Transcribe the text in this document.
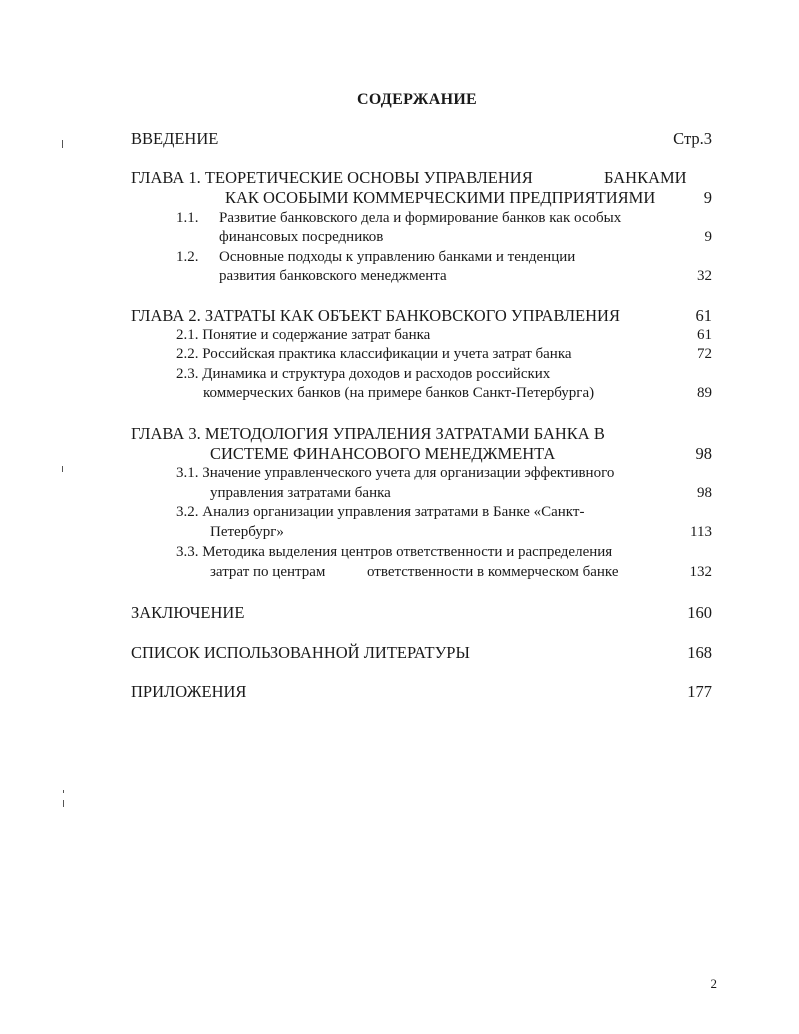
СОДЕРЖАНИЕ
ВВЕДЕНИЕ	Стр.3
ГЛАВА 1. ТЕОРЕТИЧЕСКИЕ ОСНОВЫ УПРАВЛЕНИЯ	БАНКАМИ
КАК ОСОБЫМИ КОММЕРЧЕСКИМИ ПРЕДПРИЯТИЯМИ	9
1.1. Развитие банковского дела и формирование банков как особых
финансовых посредников	9
1.2. Основные подходы к управлению банками и тенденции
развития банковского менеджмента	32
ГЛАВА 2. ЗАТРАТЫ КАК ОБЪЕКТ БАНКОВСКОГО УПРАВЛЕНИЯ	61
2.1. Понятие и содержание затрат банка	61
2.2. Российская практика классификации и учета затрат банка	72
2.3. Динамика и структура доходов и расходов российских
коммерческих банков (на примере банков Санкт-Петербурга)	89
ГЛАВА 3. МЕТОДОЛОГИЯ УПРАЛЕНИЯ ЗАТРАТАМИ БАНКА В
СИСТЕМЕ ФИНАНСОВОГО МЕНЕДЖМЕНТА	98
3.1. Значение управленческого учета для организации эффективного
управления затратами банка	98
3.2. Анализ организации управления затратами в Банке «Санкт-
Петербург»	113
3.3. Методика выделения центров ответственности и распределения
затрат по центрам	ответственности в коммерческом банке	132
ЗАКЛЮЧЕНИЕ	160
СПИСОК ИСПОЛЬЗОВАННОЙ ЛИТЕРАТУРЫ	168
ПРИЛОЖЕНИЯ	177
2
